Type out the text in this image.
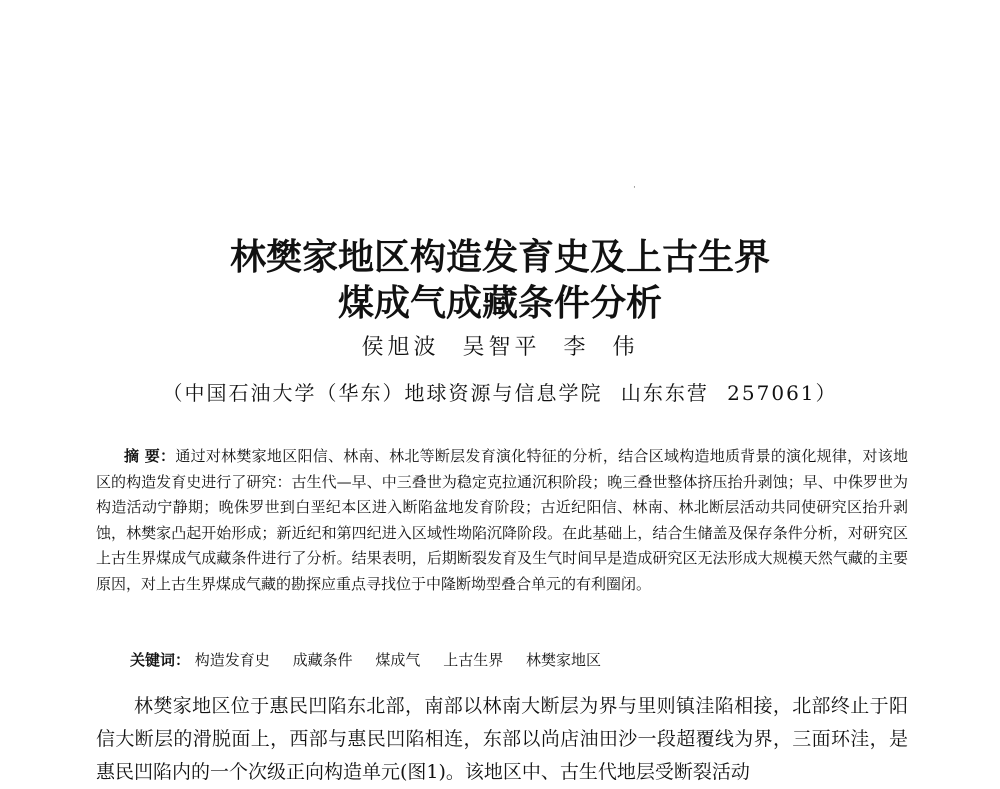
·
林樊家地区构造发育史及上古生界
煤成气成藏条件分析
侯旭波 吴智平 李 伟
（中国石油大学（华东）地球资源与信息学院 山东东营 257061）
摘 要：通过对林樊家地区阳信、林南、林北等断层发育演化特征的分析，结合区域构造地质背景的演化规律，对该地区的构造发育史进行了研究：古生代—早、中三叠世为稳定克拉通沉积阶段；晚三叠世整体挤压抬升剥蚀；早、中侏罗世为构造活动宁静期；晚侏罗世到白垩纪本区进入断陷盆地发育阶段；古近纪阳信、林南、林北断层活动共同使研究区抬升剥蚀，林樊家凸起开始形成；新近纪和第四纪进入区域性坳陷沉降阶段。在此基础上，结合生储盖及保存条件分析，对研究区上古生界煤成气成藏条件进行了分析。结果表明，后期断裂发育及生气时间早是造成研究区无法形成大规模天然气藏的主要原因，对上古生界煤成气藏的勘探应重点寻找位于中隆断坳型叠合单元的有利圈闭。
关键词： 构造发育史 成藏条件 煤成气 上古生界 林樊家地区
林樊家地区位于惠民凹陷东北部，南部以林南大断层为界与里则镇洼陷相接，北部终止于阳信大断层的滑脱面上，西部与惠民凹陷相连，东部以尚店油田沙一段超覆线为界，三面环洼，是惠民凹陷内的一个次级正向构造单元(图1)。该地区中、古生代地层受断裂活动
